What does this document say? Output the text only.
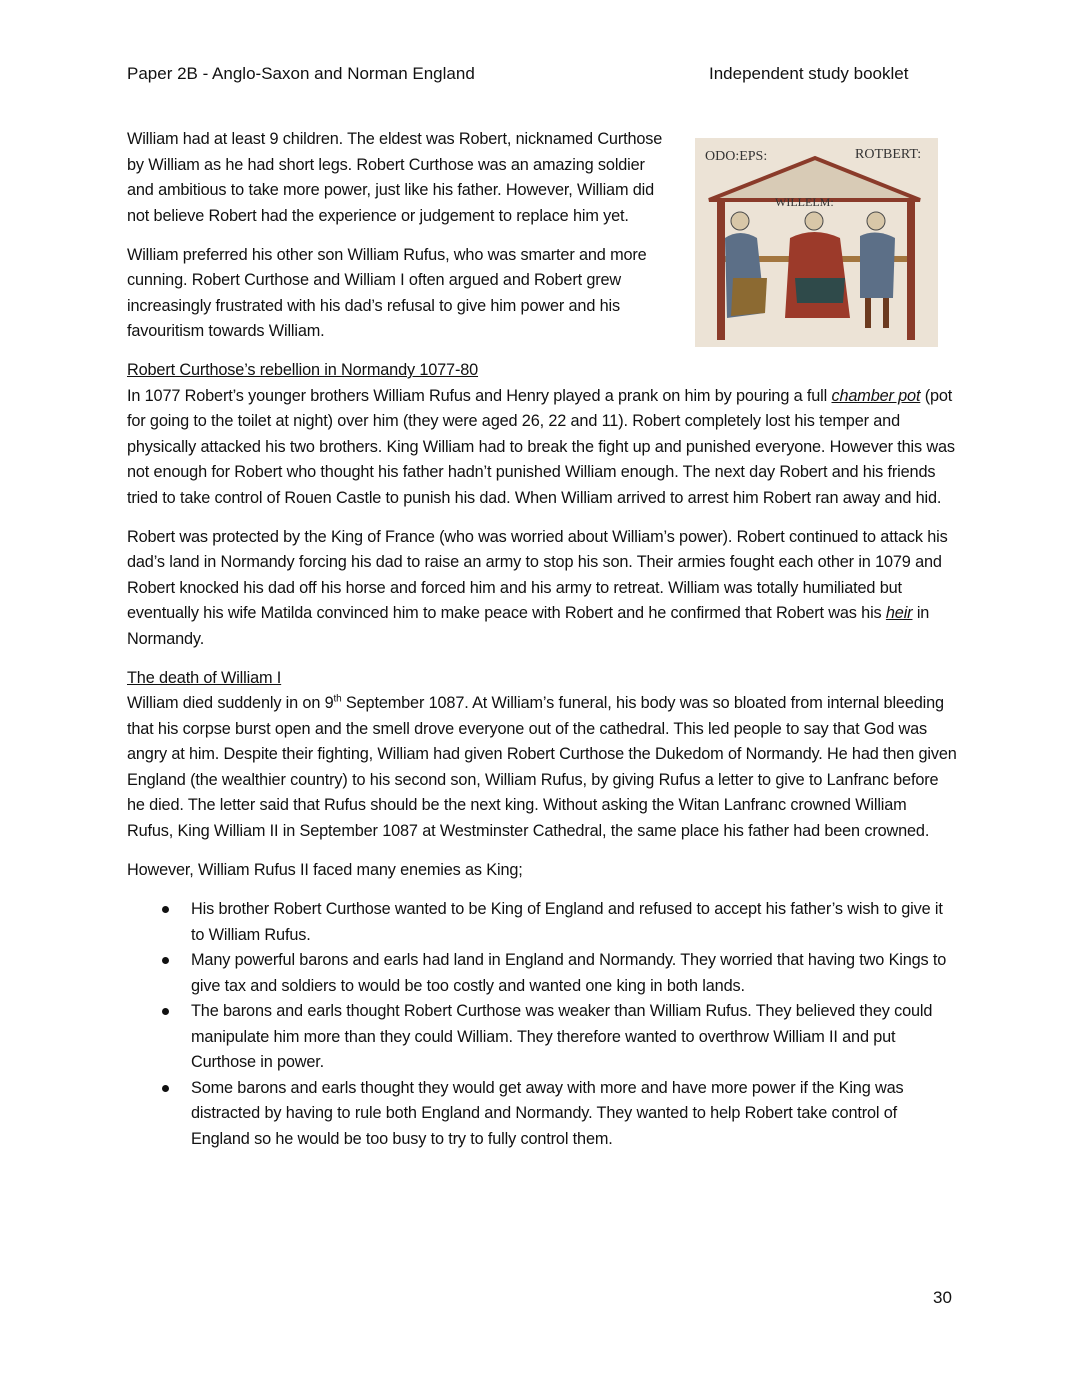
Paper 2B - Anglo-Saxon and Norman England	Independent study booklet
ODO:EPS:	ROTBERT:
WILLELM:

William had at least 9 children. The eldest was Robert, nicknamed Curthose by William as he had short legs. Robert Curthose was an amazing soldier and ambitious to take more power, just like his father. However, William did not believe Robert had the experience or judgement to replace him yet.

William preferred his other son William Rufus, who was smarter and more cunning. Robert Curthose and William I often argued and Robert grew increasingly frustrated with his dad’s refusal to give him power and his favouritism towards William.

Robert Curthose’s rebellion in Normandy 1077-80
In 1077 Robert’s younger brothers William Rufus and Henry played a prank on him by pouring a full chamber pot (pot for going to the toilet at night) over him (they were aged 26, 22 and 11). Robert completely lost his temper and physically attacked his two brothers. King William had to break the fight up and punished everyone. However this was not enough for Robert who thought his father hadn’t punished William enough. The next day Robert and his friends tried to take control of Rouen Castle to punish his dad. When William arrived to arrest him Robert ran away and hid.

Robert was protected by the King of France (who was worried about William’s power). Robert continued to attack his dad’s land in Normandy forcing his dad to raise an army to stop his son. Their armies fought each other in 1079 and Robert knocked his dad off his horse and forced him and his army to retreat. William was totally humiliated but eventually his wife Matilda convinced him to make peace with Robert and he confirmed that Robert was his heir in Normandy.

The death of William I
William died suddenly in on 9th September 1087. At William’s funeral, his body was so bloated from internal bleeding that his corpse burst open and the smell drove everyone out of the cathedral. This led people to say that God was angry at him. Despite their fighting, William had given Robert Curthose the Dukedom of Normandy. He had then given England (the wealthier country) to his second son, William Rufus, by giving Rufus a letter to give to Lanfranc before he died. The letter said that Rufus should be the next king. Without asking the Witan Lanfranc crowned William Rufus, King William II in September 1087 at Westminster Cathedral, the same place his father had been crowned.

However, William Rufus II faced many enemies as King;

His brother Robert Curthose wanted to be King of England and refused to accept his father’s wish to give it to William Rufus.
Many powerful barons and earls had land in England and Normandy. They worried that having two Kings to give tax and soldiers to would be too costly and wanted one king in both lands.
The barons and earls thought Robert Curthose was weaker than William Rufus. They believed they could manipulate him more than they could William. They therefore wanted to overthrow William II and put Curthose in power.
Some barons and earls thought they would get away with more and have more power if the King was distracted by having to rule both England and Normandy. They wanted to help Robert take control of England so he would be too busy to try to fully control them.
30
